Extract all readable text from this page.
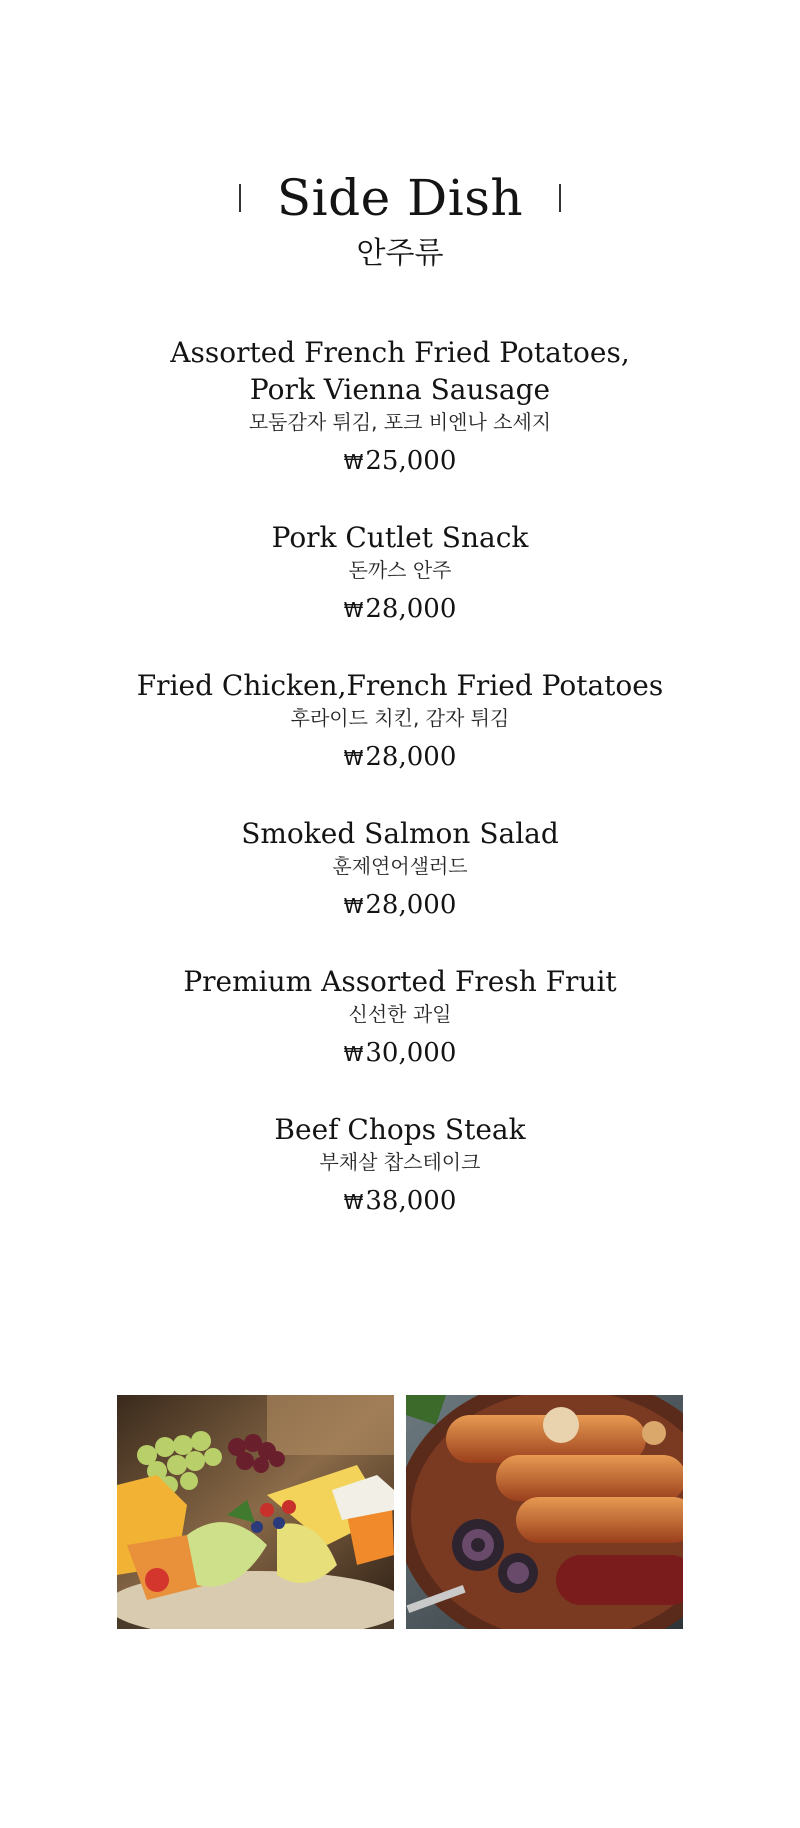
Side Dish
안주류
Assorted French Fried Potatoes,
Pork Vienna Sausage
모둠감자 튀김, 포크 비엔나 소세지
₩25,000
Pork Cutlet Snack
돈까스 안주
₩28,000
Fried Chicken,French Fried Potatoes
후라이드 치킨, 감자 튀김
₩28,000
Smoked Salmon Salad
훈제연어샐러드
₩28,000
Premium Assorted Fresh Fruit
신선한 과일
₩30,000
Beef Chops Steak
부채살 찹스테이크
₩38,000
